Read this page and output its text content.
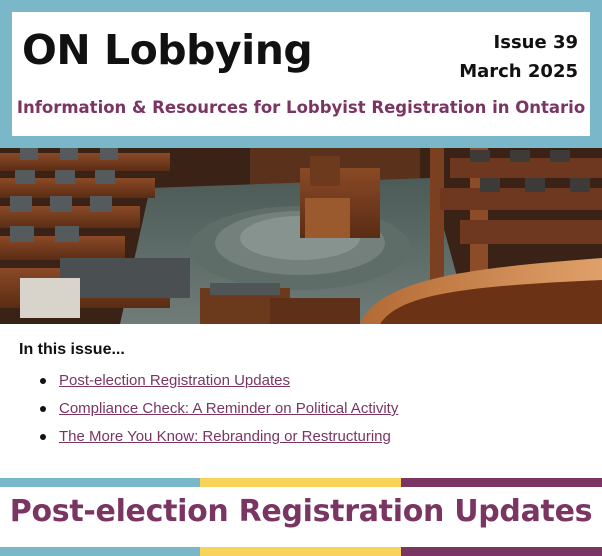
ON Lobbying	Issue 39
March 2025
Information & Resources for Lobbyist Registration in Ontario
In this issue...
Post-election Registration Updates
Compliance Check: A Reminder on Political Activity
The More You Know: Rebranding or Restructuring
Post-election Registration Updates
